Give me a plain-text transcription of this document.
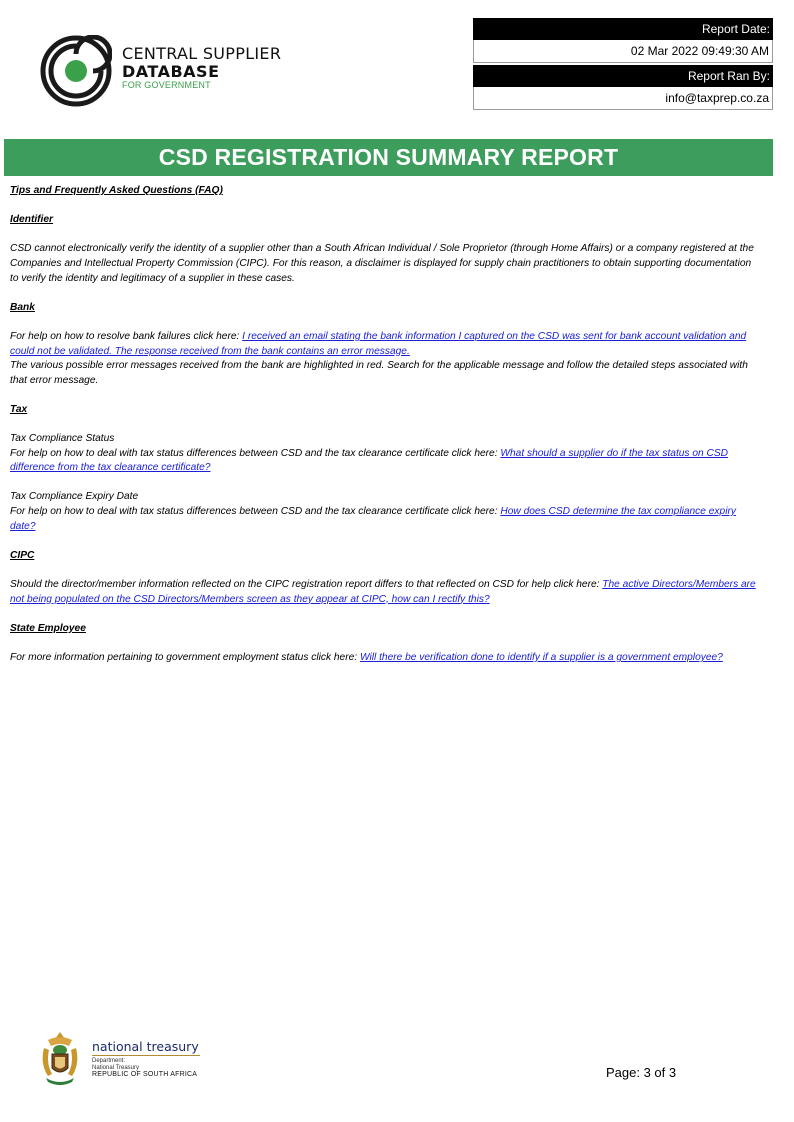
CENTRAL SUPPLIER
DATABASE
FOR GOVERNMENT
Report Date:
02 Mar 2022 09:49:30 AM
Report Ran By:
info@taxprep.co.za
CSD REGISTRATION SUMMARY REPORT

Tips and Frequently Asked Questions (FAQ)

Identifier

CSD cannot electronically verify the identity of a supplier other than a South African Individual / Sole Proprietor (through Home Affairs) or a company registered at the Companies and Intellectual Property Commission (CIPC). For this reason, a disclaimer is displayed for supply chain practitioners to obtain supporting documentation to verify the identity and legitimacy of a supplier in these cases.

Bank

For help on how to resolve bank failures click here: I received an email stating the bank information I captured on the CSD was sent for bank account validation and could not be validated. The response received from the bank contains an error message.

The various possible error messages received from the bank are highlighted in red. Search for the applicable message and follow the detailed steps associated with that error message.

Tax

Tax Compliance Status

For help on how to deal with tax status differences between CSD and the tax clearance certificate click here: What should a supplier do if the tax status on CSD difference from the tax clearance certificate?

Tax Compliance Expiry Date

For help on how to deal with tax status differences between CSD and the tax clearance certificate click here: How does CSD determine the tax compliance expiry date?

CIPC

Should the director/member information reflected on the CIPC registration report differs to that reflected on CSD for help click here: The active Directors/Members are not being populated on the CSD Directors/Members screen as they appear at CIPC, how can I rectify this?

State Employee

For more information pertaining to government employment status click here: Will there be verification done to identify if a supplier is a government employee?

national treasury
Department:
National Treasury
REPUBLIC OF SOUTH AFRICA	Page: 3 of 3
